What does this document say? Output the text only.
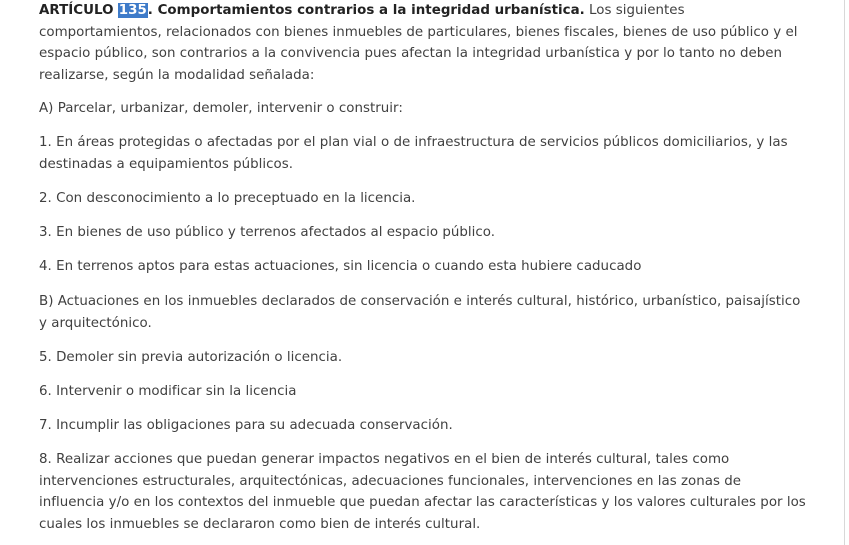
ARTÍCULO 135. Comportamientos contrarios a la integridad urbanística. Los siguientes comportamientos, relacionados con bienes inmuebles de particulares, bienes fiscales, bienes de uso público y el espacio público, son contrarios a la convivencia pues afectan la integridad urbanística y por lo tanto no deben realizarse, según la modalidad señalada:

A) Parcelar, urbanizar, demoler, intervenir o construir:

1. En áreas protegidas o afectadas por el plan vial o de infraestructura de servicios públicos domiciliarios, y las destinadas a equipamientos públicos.

2. Con desconocimiento a lo preceptuado en la licencia.

3. En bienes de uso público y terrenos afectados al espacio público.

4. En terrenos aptos para estas actuaciones, sin licencia o cuando esta hubiere caducado

B) Actuaciones en los inmuebles declarados de conservación e interés cultural, histórico, urbanístico, paisajístico y arquitectónico.

5. Demoler sin previa autorización o licencia.

6. Intervenir o modificar sin la licencia

7. Incumplir las obligaciones para su adecuada conservación.

8. Realizar acciones que puedan generar impactos negativos en el bien de interés cultural, tales como intervenciones estructurales, arquitectónicas, adecuaciones funcionales, intervenciones en las zonas de influencia y/o en los contextos del inmueble que puedan afectar las características y los valores culturales por los cuales los inmuebles se declararon como bien de interés cultural.
